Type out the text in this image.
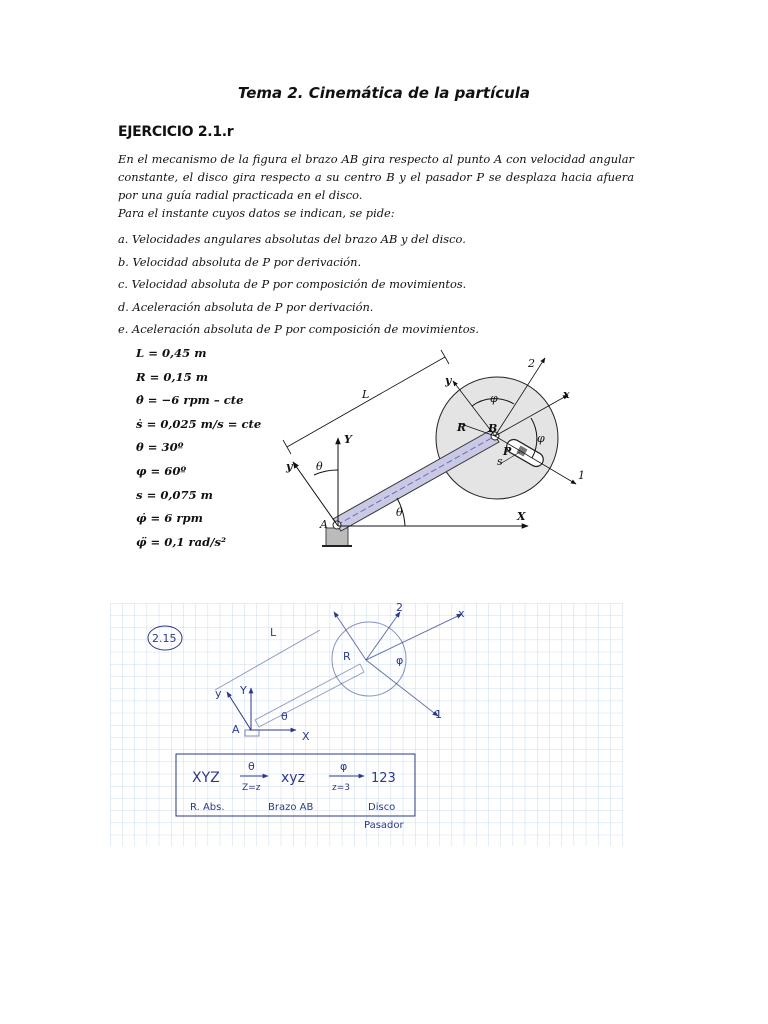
Tema 2. Cinemática de la partícula
EJERCICIO 2.1.r

En el mecanismo de la figura el brazo AB gira respecto al punto A con velocidad angular constante, el disco gira respecto a su centro B y el pasador P se desplaza hacia afuera por una guía radial practicada en el disco.

Para el instante cuyos datos se indican, se pide:

a. Velocidades angulares absolutas del brazo AB y del disco.
b. Velocidad absoluta de P por derivación.
c. Velocidad absoluta de P por composición de movimientos.
d. Aceleración absoluta de P por derivación.
e. Aceleración absoluta de P por composición de movimientos.
L = 0,45 m
R = 0,15 m
θ̇ = −6 rpm – cte
ṡ = 0,025 m/s = cte
θ = 30º
φ = 60º
s = 0,075 m
φ̇ = 6 rpm
φ̈ = 0,1 rad/s²
L
Y
X
y θ
θ
A
y
x
2
1
φ
φ
R B
P
s
2.15	L
Y
y
A
X
θ
x
2
1
R	φ
XYZ
θ
Z=z
xyz
φ
z=3
123
R. Abs.	Brazo AB	Disco
Pasador
